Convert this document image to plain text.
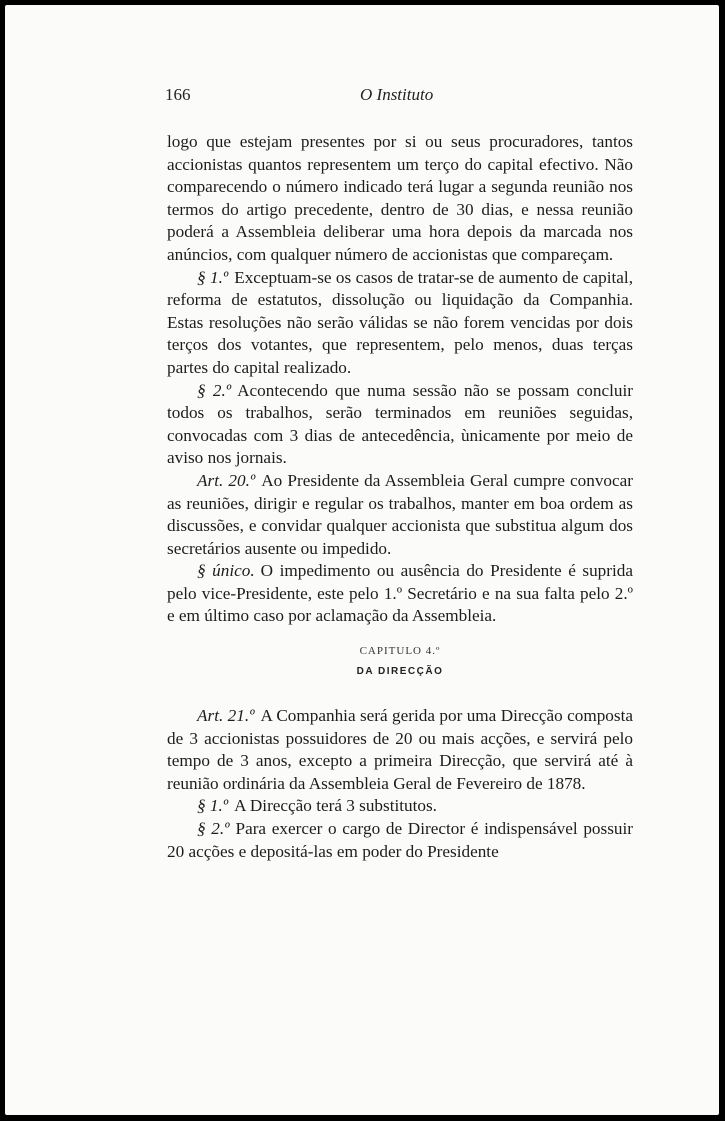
166	O Instituto

logo que estejam presentes por si ou seus procuradores, tantos accionistas quantos representem um terço do capital efectivo. Não comparecendo o número indicado terá lugar a segunda reunião nos termos do artigo precedente, dentro de 30 dias, e nessa reunião poderá a Assembleia deliberar uma hora depois da marcada nos anúncios, com qualquer número de accionistas que compareçam.

§ 1.º Exceptuam-se os casos de tratar-se de aumento de capital, reforma de estatutos, dissolução ou liquidação da Companhia. Estas resoluções não serão válidas se não forem vencidas por dois terços dos votantes, que representem, pelo menos, duas terças partes do capital realizado.

§ 2.º Acontecendo que numa sessão não se possam concluir todos os trabalhos, serão terminados em reuniões seguidas, convocadas com 3 dias de antecedência, ùnicamente por meio de aviso nos jornais.

Art. 20.º Ao Presidente da Assembleia Geral cumpre convocar as reuniões, dirigir e regular os trabalhos, manter em boa ordem as discussões, e convidar qualquer accionista que substitua algum dos secretários ausente ou impedido.

§ único. O impedimento ou ausência do Presidente é suprida pelo vice-Presidente, este pelo 1.º Secretário e na sua falta pelo 2.º e em último caso por aclamação da Assembleia.

CAPITULO 4.º
DA DIRECÇÃO

Art. 21.º A Companhia será gerida por uma Direcção composta de 3 accionistas possuidores de 20 ou mais acções, e servirá pelo tempo de 3 anos, excepto a primeira Direcção, que servirá até à reunião ordinária da Assembleia Geral de Fevereiro de 1878.

§ 1.º A Direcção terá 3 substitutos.

§ 2.º Para exercer o cargo de Director é indispensável possuir 20 acções e depositá-las em poder do Presidente
